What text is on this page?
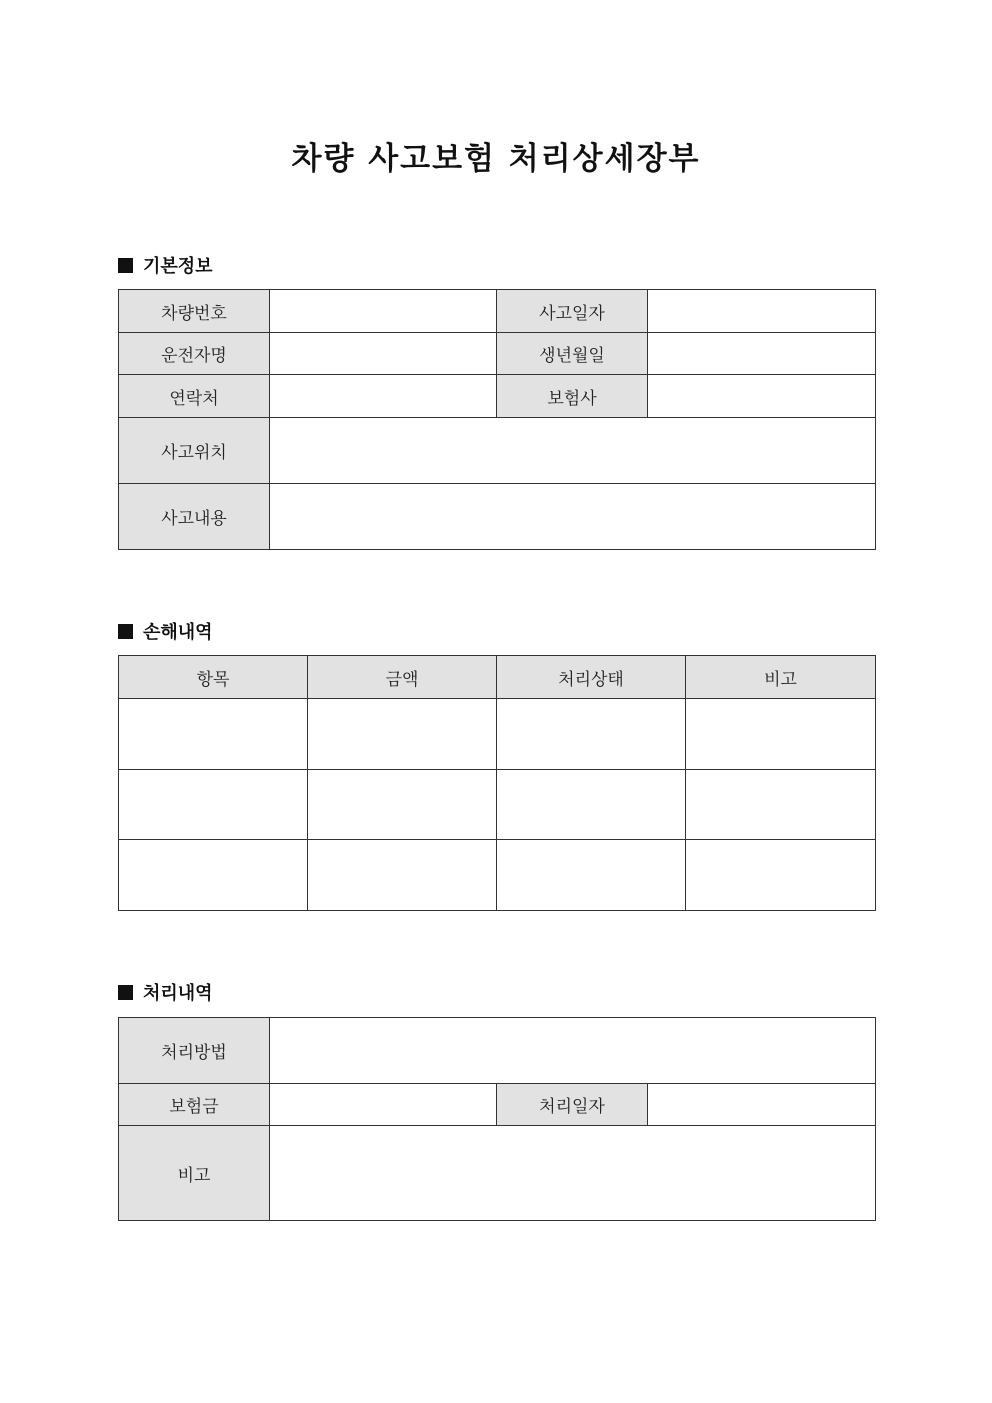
차량 사고보험 처리상세장부
기본정보
차량번호		사고일자	
운전자명		생년월일	
연락처		보험사	
사고위치			
사고내용			
손해내역
항목	금액	처리상태	비고

처리내역
처리방법			
보험금		처리일자	
비고			
